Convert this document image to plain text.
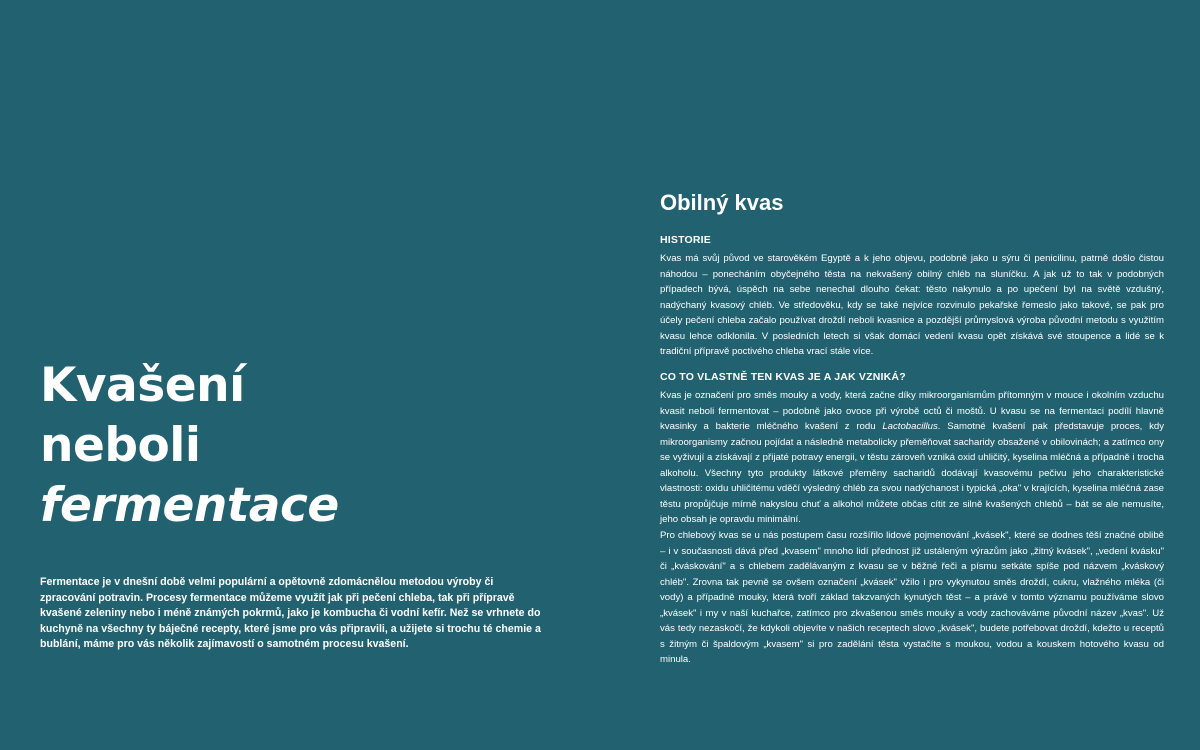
Kvašení
neboli
fermentace

Fermentace je v dnešní době velmi populární a opětovně zdomácnělou metodou výroby či zpracování potravin. Procesy fermentace můžeme využít jak při pečení chleba, tak při přípravě kvašené zeleniny nebo i méně známých pokrmů, jako je kombucha či vodní kefír. Než se vrhnete do kuchyně na všechny ty báječné recepty, které jsme pro vás připravili, a užijete si trochu té chemie a bublání, máme pro vás několik zajímavostí o samotném procesu kvašení.

Obilný kvas
HISTORIE

Kvas má svůj původ ve starověkém Egyptě a k jeho objevu, podobně jako u sýru či penicilinu, patrně došlo čistou náhodou – ponecháním obyčejného těsta na nekvašený obilný chléb na sluníčku. A jak už to tak v podobných případech bývá, úspěch na sebe nenechal dlouho čekat: těsto nakynulo a po upečení byl na světě vzdušný, nadýchaný kvasový chléb. Ve středověku, kdy se také nejvíce rozvinulo pekařské řemeslo jako takové, se pak pro účely pečení chleba začalo používat droždí neboli kvasnice a pozdější průmyslová výroba původní metodu s využitím kvasu lehce odklonila. V posledních letech si však domácí vedení kvasu opět získává své stoupence a lidé se k tradiční přípravě poctivého chleba vrací stále více.

CO TO VLASTNĚ TEN KVAS JE A JAK VZNIKÁ?

Kvas je označení pro směs mouky a vody, která začne díky mikroorganismům přítomným v mouce i okolním vzduchu kvasit neboli fermentovat – podobně jako ovoce při výrobě octů či moštů. U kvasu se na fermentaci podílí hlavně kvasinky a bakterie mléčného kvašení z rodu Lactobacillus. Samotné kvašení pak představuje proces, kdy mikroorganismy začnou pojídat a následně metabolicky přeměňovat sacharidy obsažené v obilovinách; a zatímco ony se vyživují a získávají z přijaté potravy energii, v těstu zároveň vzniká oxid uhličitý, kyselina mléčná a případně i trocha alkoholu. Všechny tyto produkty látkové přeměny sacharidů dodávají kvasovému pečivu jeho charakteristické vlastnosti: oxidu uhličitému vděčí výsledný chléb za svou nadýchanost i typická „oka" v krajících, kyselina mléčná zase těstu propůjčuje mírně nakyslou chuť a alkohol můžete občas cítit ze silně kvašených chlebů – bát se ale nemusíte, jeho obsah je opravdu minimální.

Pro chlebový kvas se u nás postupem času rozšířilo lidové pojmenování „kvásek", které se dodnes těší značné oblibě – i v současnosti dává před „kvasem" mnoho lidí přednost již ustáleným výrazům jako „žitný kvásek", „vedení kvásku" či „kváskování" a s chlebem zadělávaným z kvasu se v běžné řeči a písmu setkáte spíše pod názvem „kváskový chléb". Zrovna tak pevně se ovšem označení „kvásek" vžilo i pro vykynutou směs droždí, cukru, vlažného mléka (či vody) a případně mouky, která tvoří základ takzvaných kynutých těst – a právě v tomto významu používáme slovo „kvásek" i my v naší kuchařce, zatímco pro zkvašenou směs mouky a vody zachováváme původní název „kvas". Už vás tedy nezaskočí, že kdykoli objevíte v našich receptech slovo „kvásek", budete potřebovat droždí, kdežto u receptů s žitným či špaldovým „kvasem" si pro zadělání těsta vystačíte s moukou, vodou a kouskem hotového kvasu od minula.
